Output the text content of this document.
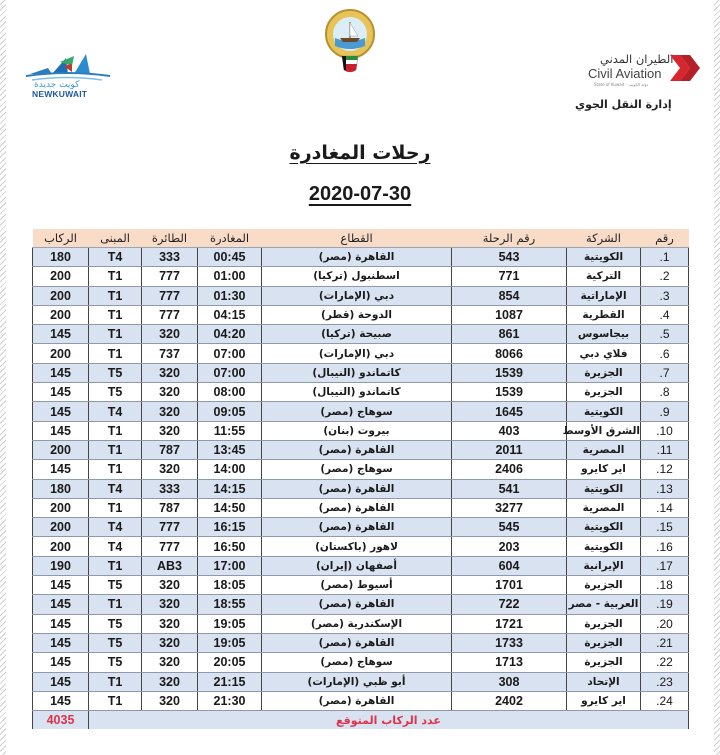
كويت جديدة
NEWKUWAIT
الطيران المدني
Civil Aviation
State of Kuwait - دولة الكويت
إدارة النقل الجوي
رحلات المغادرة
2020-07-30
رقم	الشركة	رقم الرحلة	القطاع	المغادرة	الطائرة	المبنى	الركاب
1.	الكويتية	543	القاهرة (مصر)	00:45	333	T4	180
2.	التركية	771	اسطنبول (تركيا)	01:00	777	T1	200
3.	الإماراتية	854	دبي (الإمارات)	01:30	777	T1	200
4.	القطرية	1087	الدوحة (قطر)	04:15	777	T1	200
5.	بيجاسوس	861	صبيحة (تركيا)	04:20	320	T1	145
6.	فلاي دبي	8066	دبي (الإمارات)	07:00	737	T1	200
7.	الجزيرة	1539	كاتماندو (النيبال)	07:00	320	T5	145
8.	الجزيرة	1539	كاتماندو (النيبال)	08:00	320	T5	145
9.	الكويتية	1645	سوهاج (مصر)	09:05	320	T4	145
10.	الشرق الأوسط	403	بيروت (بنان)	11:55	320	T1	145
11.	المصرية	2011	القاهرة (مصر)	13:45	787	T1	200
12.	اير كايرو	2406	سوهاج (مصر)	14:00	320	T1	145
13.	الكويتية	541	القاهرة (مصر)	14:15	333	T4	180
14.	المصرية	3277	القاهرة (مصر)	14:50	787	T1	200
15.	الكويتية	545	القاهرة (مصر)	16:15	777	T4	200
16.	الكويتية	203	لاهور (باكستان)	16:50	777	T4	200
17.	الإيرانية	604	أصفهان (إيران)	17:00	AB3	T1	190
18.	الجزيرة	1701	أسيوط (مصر)	18:05	320	T5	145
19.	العربية - مصر	722	القاهرة (مصر)	18:55	320	T1	145
20.	الجزيرة	1721	الإسكندرية (مصر)	19:05	320	T5	145
21.	الجزيرة	1733	القاهرة (مصر)	19:05	320	T5	145
22.	الجزيرة	1713	سوهاج (مصر)	20:05	320	T5	145
23.	الإتحاد	308	أبو ظبي (الإمارات)	21:15	320	T1	145
24.	اير كايرو	2402	القاهرة (مصر)	21:30	320	T1	145
عدد الركاب المتوقع							4035
